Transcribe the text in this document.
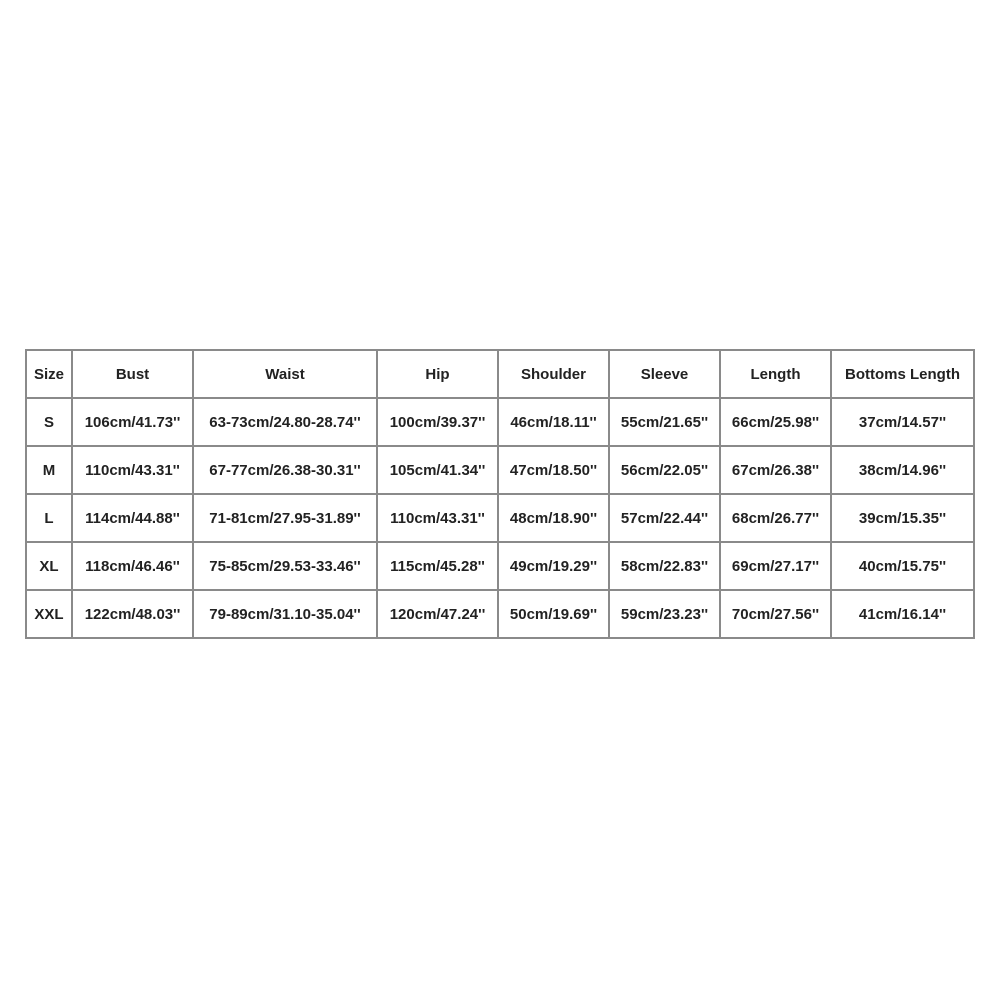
Size	Bust	Waist	Hip	Shoulder	Sleeve	Length	Bottoms Length
S	106cm/41.73''	63-73cm/24.80-28.74''	100cm/39.37''	46cm/18.11''	55cm/21.65''	66cm/25.98''	37cm/14.57''
M	110cm/43.31''	67-77cm/26.38-30.31''	105cm/41.34''	47cm/18.50''	56cm/22.05''	67cm/26.38''	38cm/14.96''
L	114cm/44.88''	71-81cm/27.95-31.89''	110cm/43.31''	48cm/18.90''	57cm/22.44''	68cm/26.77''	39cm/15.35''
XL	118cm/46.46''	75-85cm/29.53-33.46''	115cm/45.28''	49cm/19.29''	58cm/22.83''	69cm/27.17''	40cm/15.75''
XXL	122cm/48.03''	79-89cm/31.10-35.04''	120cm/47.24''	50cm/19.69''	59cm/23.23''	70cm/27.56''	41cm/16.14''
